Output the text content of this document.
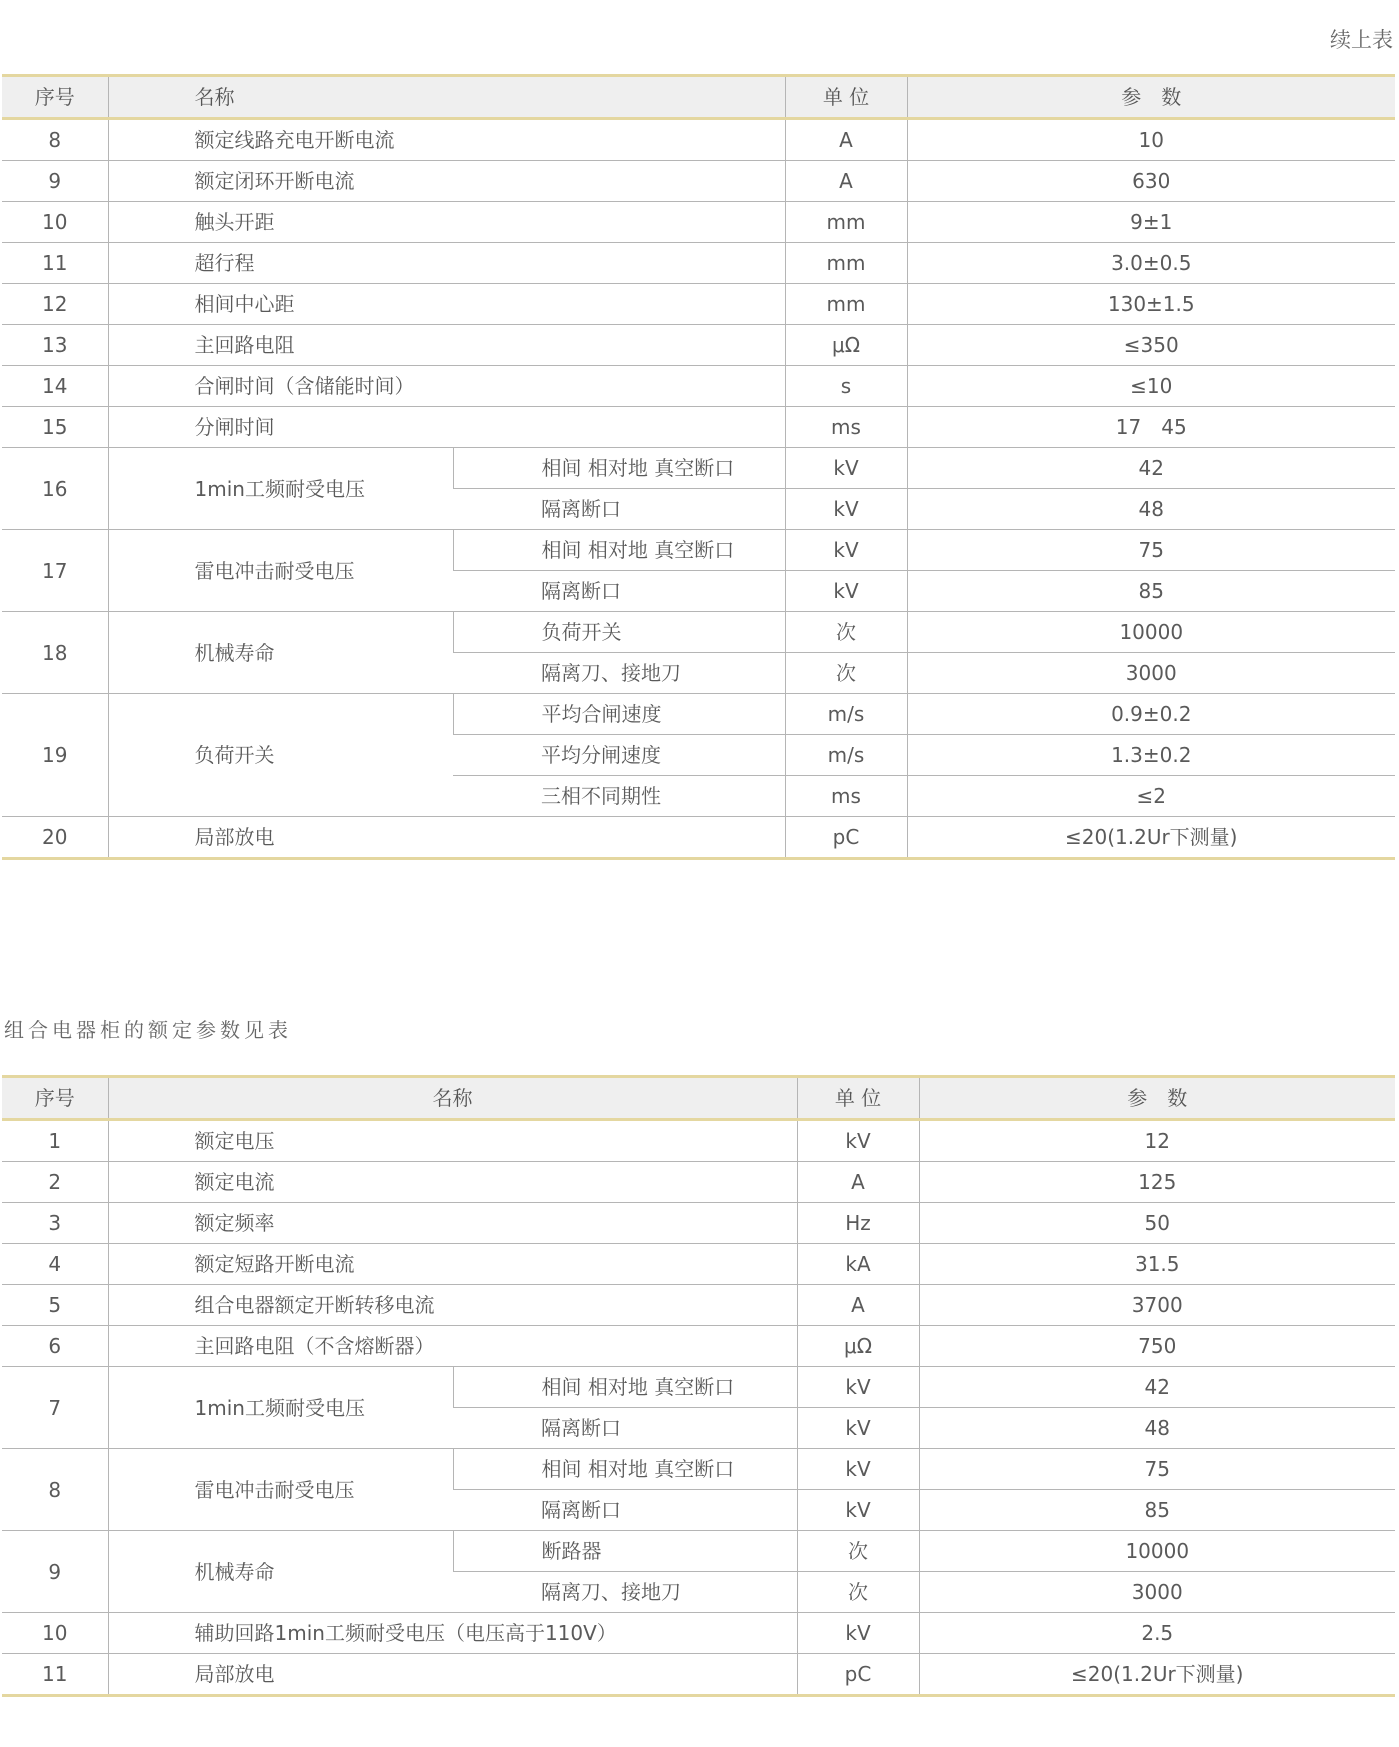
续上表
序号	名称		单 位	参　数
8	额定线路充电开断电流		A	10
9	额定闭环开断电流		A	630
10	触头开距		mm	9±1
11	超行程		mm	3.0±0.5
12	相间中心距		mm	130±1.5
13	主回路电阻		μΩ	≤350
14	合闸时间（含储能时间）		s	≤10
15	分闸时间		ms	17　45
16	1min工频耐受电压	相间 相对地 真空断口	kV	42
		隔离断口	kV	48
17	雷电冲击耐受电压	相间 相对地 真空断口	kV	75
		隔离断口	kV	85
18	机械寿命	负荷开关	次	10000
		隔离刀、接地刀	次	3000
19	负荷开关	平均合闸速度	m/s	0.9±0.2
		平均分闸速度	m/s	1.3±0.2
		三相不同期性	ms	≤2
20	局部放电		pC	≤20(1.2Ur下测量)
组合电器柜的额定参数见表
序号	名称		单 位	参　数
1	额定电压		kV	12
2	额定电流		A	125
3	额定频率		Hz	50
4	额定短路开断电流		kA	31.5
5	组合电器额定开断转移电流		A	3700
6	主回路电阻（不含熔断器）		μΩ	750
7	1min工频耐受电压	相间 相对地 真空断口	kV	42
		隔离断口	kV	48
8	雷电冲击耐受电压	相间 相对地 真空断口	kV	75
		隔离断口	kV	85
9	机械寿命	断路器	次	10000
		隔离刀、接地刀	次	3000
10	辅助回路1min工频耐受电压（电压高于110V）		kV	2.5
11	局部放电		pC	≤20(1.2Ur下测量)
